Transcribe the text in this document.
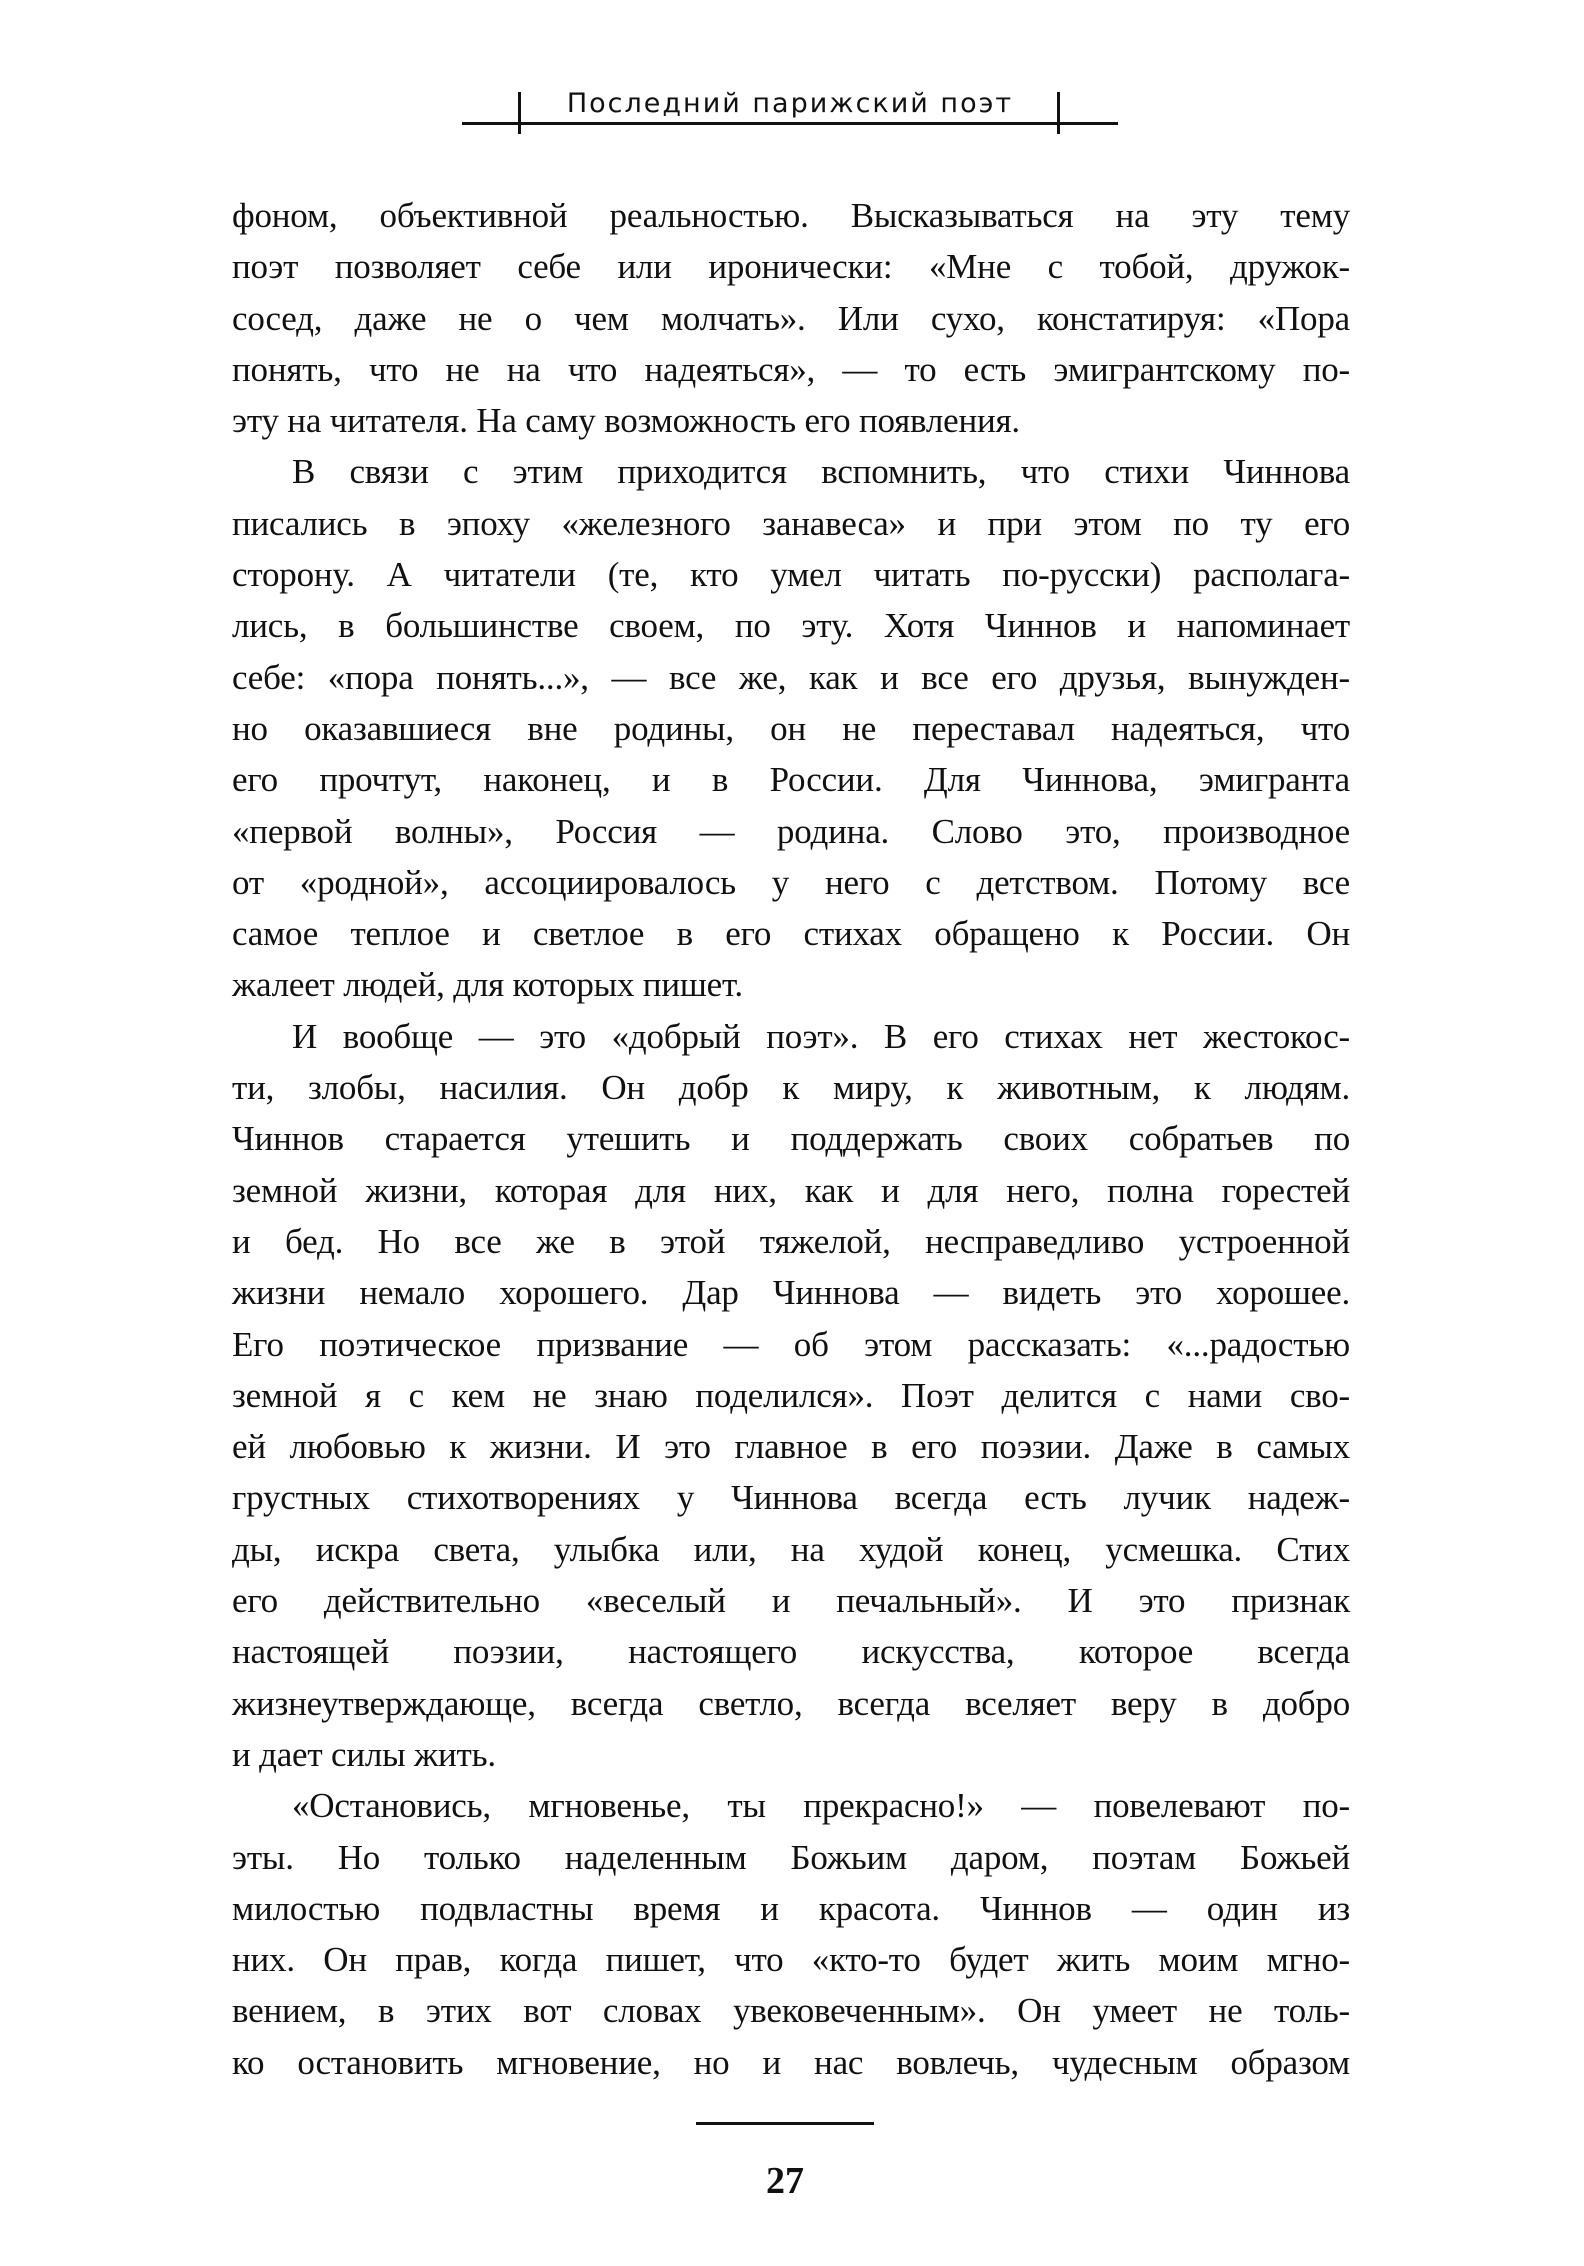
Последний парижский поэт
фоном, объективной реальностью. Высказываться на эту тему
поэт позволяет себе или иронически: «Мне с тобой, дружок-
сосед, даже не о чем молчать». Или сухо, констатируя: «Пора
понять, что не на что надеяться», — то есть эмигрантскому по-
эту на читателя. На саму возможность его появления.
В связи с этим приходится вспомнить, что стихи Чиннова
писались в эпоху «железного занавеса» и при этом по ту его
сторону. А читатели (те, кто умел читать по-русски) располага-
лись, в большинстве своем, по эту. Хотя Чиннов и напоминает
себе: «пора понять...», — все же, как и все его друзья, вынужден-
но оказавшиеся вне родины, он не переставал надеяться, что
его прочтут, наконец, и в России. Для Чиннова, эмигранта
«первой волны», Россия — родина. Слово это, производное
от «родной», ассоциировалось у него с детством. Потому все
самое теплое и светлое в его стихах обращено к России. Он
жалеет людей, для которых пишет.
И вообще — это «добрый поэт». В его стихах нет жестокос-
ти, злобы, насилия. Он добр к миру, к животным, к людям.
Чиннов старается утешить и поддержать своих собратьев по
земной жизни, которая для них, как и для него, полна горестей
и бед. Но все же в этой тяжелой, несправедливо устроенной
жизни немало хорошего. Дар Чиннова — видеть это хорошее.
Его поэтическое призвание — об этом рассказать: «...радостью
земной я с кем не знаю поделился». Поэт делится с нами сво-
ей любовью к жизни. И это главное в его поэзии. Даже в самых
грустных стихотворениях у Чиннова всегда есть лучик надеж-
ды, искра света, улыбка или, на худой конец, усмешка. Стих
его действительно «веселый и печальный». И это признак
настоящей поэзии, настоящего искусства, которое всегда
жизнеутверждающе, всегда светло, всегда вселяет веру в добро
и дает силы жить.
«Остановись, мгновенье, ты прекрасно!» — повелевают по-
эты. Но только наделенным Божьим даром, поэтам Божьей
милостью подвластны время и красота. Чиннов — один из
них. Он прав, когда пишет, что «кто-то будет жить моим мгно-
вением, в этих вот словах увековеченным». Он умеет не толь-
ко остановить мгновение, но и нас вовлечь, чудесным образом
27
